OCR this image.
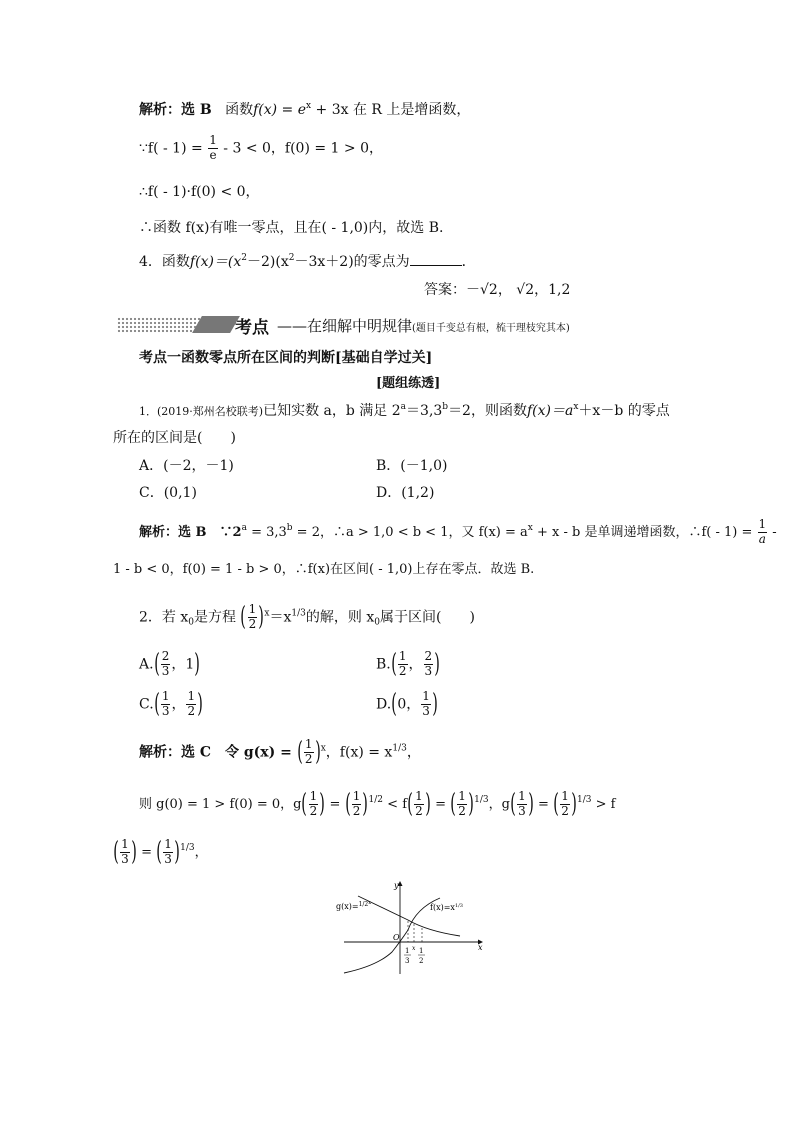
解析：选 B 函数$f(x) = e^x + 3x$ 在 R 上是增函数，
∵f( - $1) = \frac{1}{e} - 3 < 0$，f(0) = 1 > 0，
∴f( - 1)·f(0) < 0，
∴函数 f(x)有唯一零点，且在( - 1,0)内，故选 B.
4．函数$f(x)=(x^2-2)(x^2-3x+2)$的零点为	．
答案：－√2， √2，1,2
考点 ——在细解中明规律(题目千变总有根，梳干理枝究其本)
考点一函数零点所在区间的判断[基础自学过关]
[题组练透]
1．(2019·郑州名校联考)已知实数 a，b 满足 $2^a=3,3^b=2$，则函数$f(x)=a^x+x-b$ 的零点
所在的区间是(　　)
A．(－2，－1)	B．(－1,0)
C．(0,1)	D．(1,2)
解析：选 B　$\because 2^a = 3,3^b = 2$，∴a > 1,0 < b < 1，又 $f(x) = a^x + x - b$ 是单调递增函数，∴f( - $1) = \frac{1}{a}$ -
1 - b < 0，f(0) = 1 - b > 0，∴f(x)在区间( - 1,0)上存在零点．故选 B.
2．若 $x_0$是方程 ( $\frac{1}{2} )^x=x^{1/3}$的解，则 $x_0$属于区间(　　)
$A.( \frac{2}{3}$ ，1)	$B.( \frac{1}{2}$ ， $\frac{2}{3}$ )
$C.( \frac{1}{3}$ ， $\frac{1}{2}$ )	D.(0， $\frac{1}{3}$ )
解析：选 C　令 g(x) = ( $\frac{1}{2} )^x$，$f(x) = x^{1/3}$，
则 g(0) = 1 > f(0) = 0，$g( \frac{1}{2}$ ) = ( $\frac{1}{2} )^{1/2} < f( \frac{1}{2}$ ) = ( $\frac{1}{2} )^{1/3}$，$g( \frac{1}{3}$ ) = ( $\frac{1}{2} )^{1/3} > f$
( $\frac{1}{3}$ ) = ( $\frac{1}{3} )^{1/3}$，
g(x)=$^{1/2x}$	$f(x)=x^{1/3}$
y
x
O
1
3
x 1
2
